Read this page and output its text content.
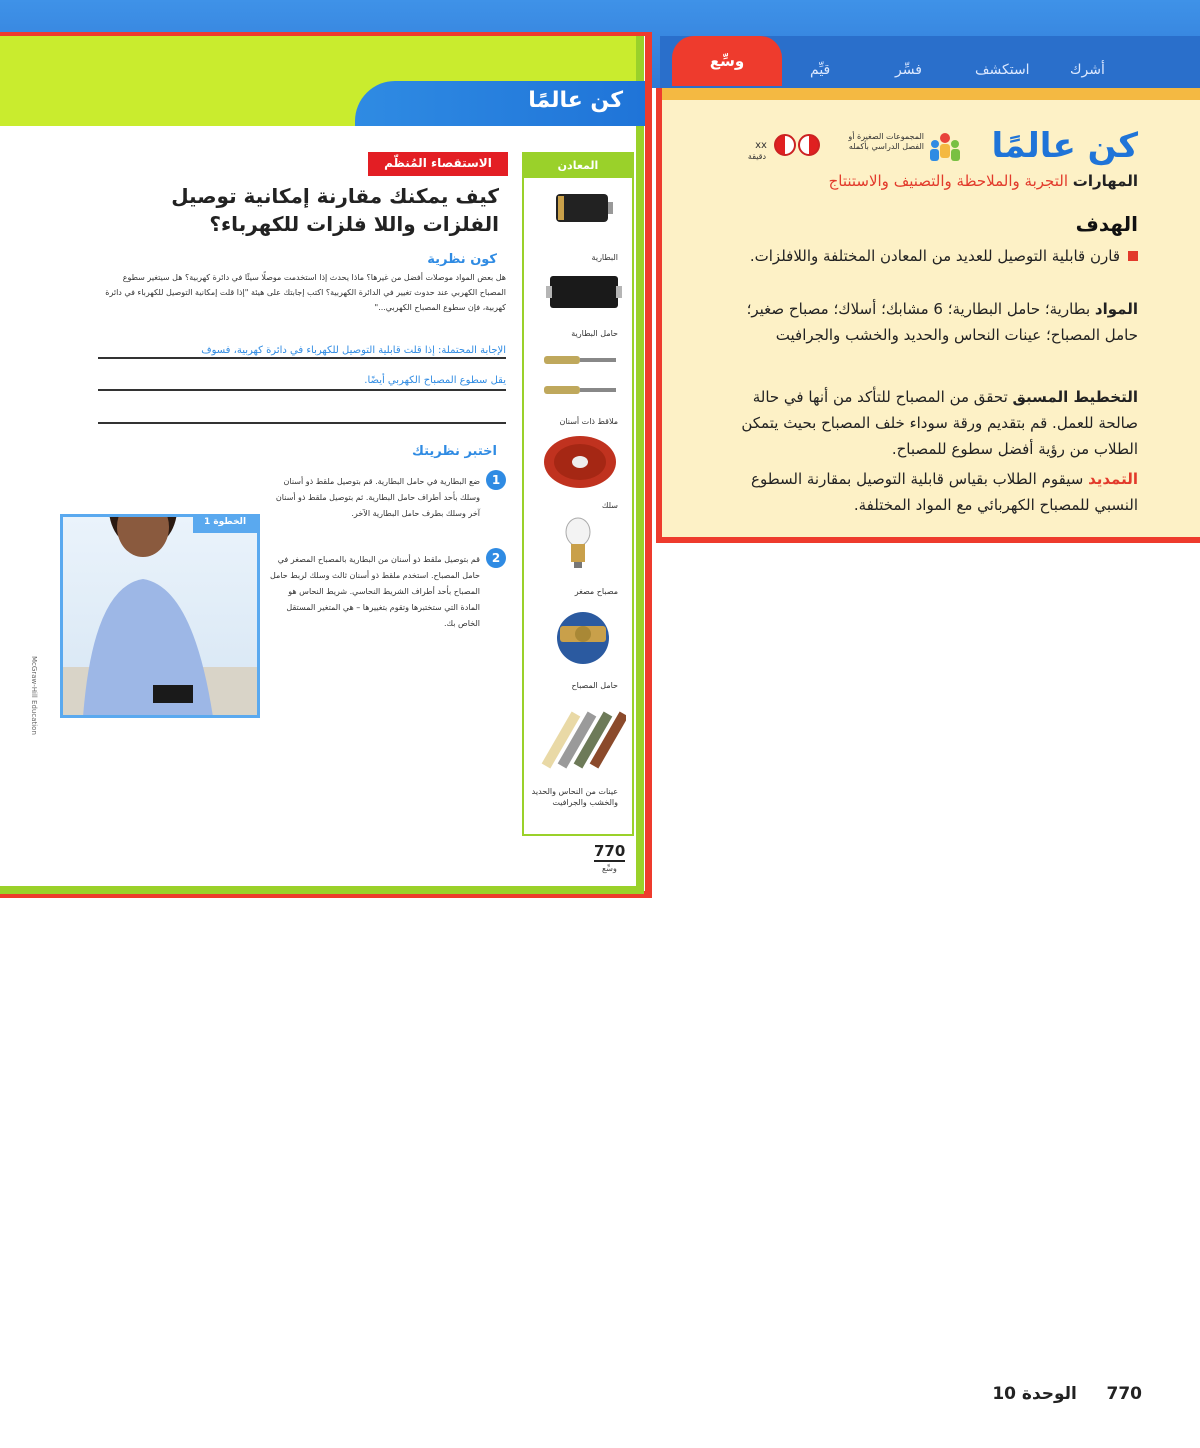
وسِّع	أشرك
استكشف
فسِّر
قيِّم
كن عالمًا
المجموعات الصغيرة أو الفصل الدراسي بأكمله
xx
دقيقة
المهارات التجربة والملاحظة والتصنيف والاستنتاج
الهدف
قارن قابلية التوصيل للعديد من المعادن المختلفة واللافلزات.
المواد بطارية؛ حامل البطارية؛ 6 مشابك؛ أسلاك؛ مصباح صغير؛ حامل المصباح؛ عينات النحاس والحديد والخشب والجرافيت
التخطيط المسبق تحقق من المصباح للتأكد من أنها في حالة صالحة للعمل. قم بتقديم ورقة سوداء خلف المصباح بحيث يتمكن الطلاب من رؤية أفضل سطوع للمصباح.
التمديد سيقوم الطلاب بقياس قابلية التوصيل بمقارنة السطوع النسبي للمصباح الكهربائي مع المواد المختلفة.
كن عالمًا
المعادن
البطارية
حامل البطارية
ملاقط ذات أسنان
سلك
مصباح مصغر
حامل المصباح
عينات من النحاس والحديد والخشب والجرافيت
الاستقصاء المُنظّم
كيف يمكنك مقارنة إمكانية توصيل الفلزات واللا فلزات للكهرباء؟
كون نظرية
هل بعض المواد موصلات أفضل من غيرها؟ ماذا يحدث إذا استخدمت موصلًا سيئًا في دائرة كهربية؟ هل سيتغير سطوع المصباح الكهربي عند حدوث تغيير في الدائرة الكهربية؟ اكتب إجابتك على هيئة "إذا قلت إمكانية التوصيل للكهرباء في دائرة كهربية، فإن سطوع المصباح الكهربي..."
الإجابة المحتملة: إذا قلت قابلية التوصيل للكهرباء في دائرة كهربية، فسوف
يقل سطوع المصباح الكهربي أيضًا.
اختبر نظريتك
1
ضع البطارية في حامل البطارية. قم بتوصيل ملقط ذو أسنان وسلك بأحد أطراف حامل البطارية. ثم بتوصيل ملقط ذو أسنان آخر وسلك بطرف حامل البطارية الآخر.
2
قم بتوصيل ملقط ذو أسنان من البطارية بالمصباح المصغر في حامل المصباح. استخدم ملقط ذو أسنان ثالث وسلك لربط حامل المصباح بأحد أطراف الشريط النحاسي. شريط النحاس هو المادة التي ستختبرها وتقوم بتغييرها – هي المتغير المستقل الخاص بك.
الخطوة 1
McGraw-Hill Education
770
وسِّع
770     الوحدة 10
